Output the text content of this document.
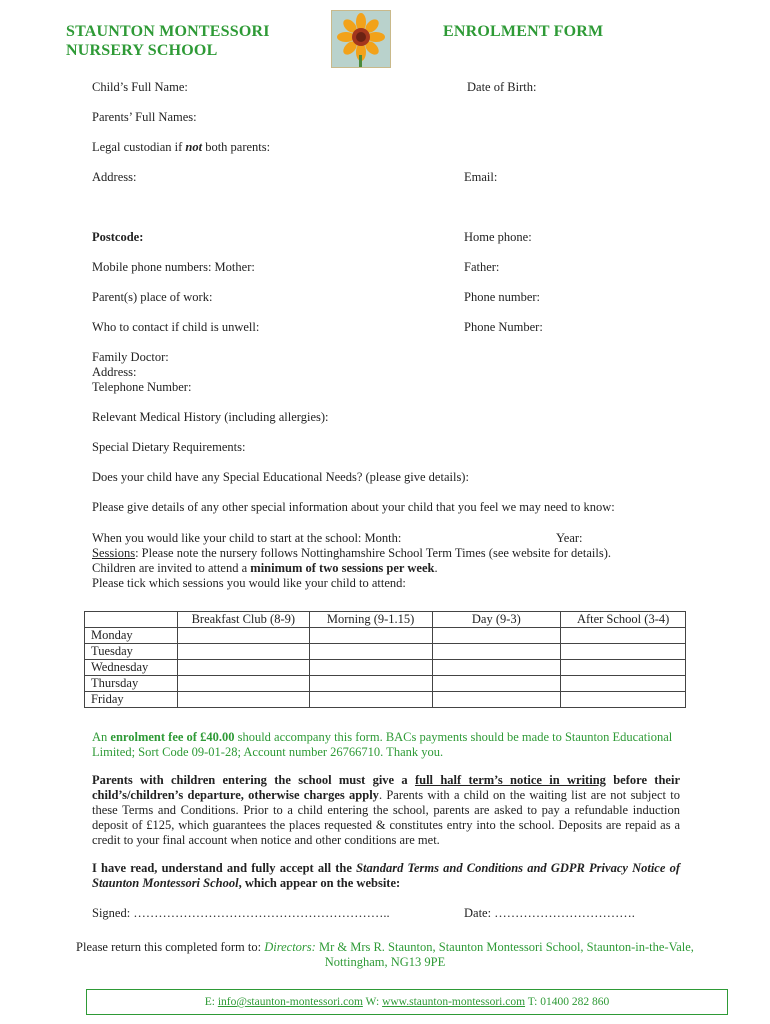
STAUNTON MONTESSORI
NURSERY SCHOOL
ENROLMENT FORM
Child’s Full Name:	Date of Birth:
Parents’ Full Names:
Legal custodian if not both parents:
Address:	Email:
Postcode:	Home phone:
Mobile phone numbers: Mother:	Father:
Parent(s) place of work:	Phone number:
Who to contact if child is unwell:	Phone Number:
Family Doctor:
Address:
Telephone Number:
Relevant Medical History (including allergies):
Special Dietary Requirements:
Does your child have any Special Educational Needs? (please give details):
Please give details of any other special information about your child that you feel we may need to know:
When you would like your child to start at the school: Month:	Year:
Sessions: Please note the nursery follows Nottinghamshire School Term Times (see website for details).
Children are invited to attend a minimum of two sessions per week.
Please tick which sessions you would like your child to attend:
	Breakfast Club (8-9)	Morning (9-1.15)	Day (9-3)	After School (3-4)
Monday				
Tuesday				
Wednesday				
Thursday				
Friday				
An enrolment fee of £40.00 should accompany this form. BACs payments should be made to Staunton Educational Limited; Sort Code 09-01-28; Account number 26766710. Thank you.
Parents with children entering the school must give a full half term’s notice in writing before their child’s/children’s departure, otherwise charges apply. Parents with a child on the waiting list are not subject to these Terms and Conditions. Prior to a child entering the school, parents are asked to pay a refundable induction deposit of £125, which guarantees the places requested & constitutes entry into the school. Deposits are repaid as a credit to your final account when notice and other conditions are met.
I have read, understand and fully accept all the Standard Terms and Conditions and GDPR Privacy Notice of Staunton Montessori School, which appear on the website:
Signed: ……………………………………………………..	Date: …………………………….
Please return this completed form to: Directors: Mr & Mrs R. Staunton, Staunton Montessori School, Staunton-in-the-Vale,
Nottingham, NG13 9PE
E: info@staunton-montessori.com W: www.staunton-montessori.com T: 01400 282 860
